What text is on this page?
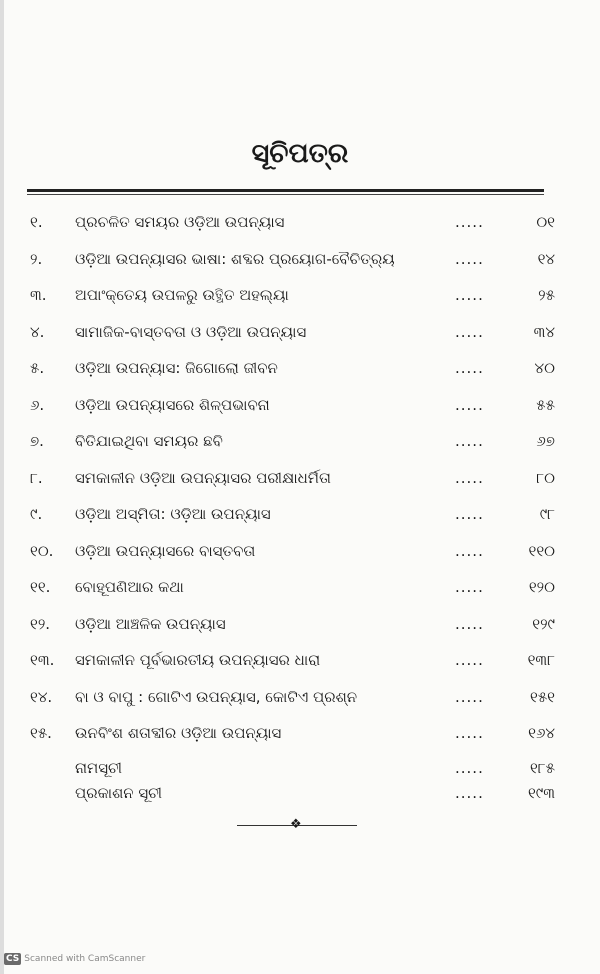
ସୂଚିପତ୍ର
୧. ପ୍ରଚଳିତ ସମୟର ଓଡ଼ିଆ ଉପନ୍ୟାସ	.....	୦୧
୨. ଓଡ଼ିଆ ଉପନ୍ୟାସର ଭାଷା: ଶବ୍ଦର ପ୍ରୟୋଗ-ବୈଚିତ୍ର୍ୟ	.....	୧୪
୩. ଅପାଂକ୍ତେୟ ଉପଳରୁ ଉତ୍ଥିତ ଅହଲ୍ୟା	.....	୨୫
୪. ସାମାଜିକ-ବାସ୍ତବତା ଓ ଓଡ଼ିଆ ଉପନ୍ୟାସ	.....	୩୪
୫. ଓଡ଼ିଆ ଉପନ୍ୟାସ: ଜିଗୋଲୋ ଜୀବନ	.....	୪୦
୬. ଓଡ଼ିଆ ଉପନ୍ୟାସରେ ଶିଳ୍ପଭାବନା	.....	୫୫
୭. ବିତିଯାଇଥିବା ସମୟର ଛବି	.....	୬୭
୮. ସମକାଳୀନ ଓଡ଼ିଆ ଉପନ୍ୟାସର ପରୀକ୍ଷାଧର୍ମିତା	.....	୮୦
୯. ଓଡ଼ିଆ ଅସ୍ମିତା: ଓଡ଼ିଆ ଉପନ୍ୟାସ	.....	୯୮
୧୦. ଓଡ଼ିଆ ଉପନ୍ୟାସରେ ବାସ୍ତବତା	.....	୧୧୦
୧୧. ବୋହୂପଣିଆର କଥା	.....	୧୨୦
୧୨. ଓଡ଼ିଆ ଆଞ୍ଚଳିକ ଉପନ୍ୟାସ	.....	୧୨୯
୧୩. ସମକାଳୀନ ପୂର୍ବଭାରତୀୟ ଉପନ୍ୟାସର ଧାରା	.....	୧୩୮
୧୪. ବା ଓ ବାପୁ : ଗୋଟିଏ ଉପନ୍ୟାସ, କୋଟିଏ ପ୍ରଶ୍ନ	.....	୧୫୧
୧୫. ଉନବିଂଶ ଶତାବ୍ଦୀର ଓଡ଼ିଆ ଉପନ୍ୟାସ	.....	୧୬୪
ନାମସୂଚୀ	.....	୧୮୫
ପ୍ରକାଶନ ସୂଚୀ	.....	୧୯୩
❖
CS Scanned with CamScanner
